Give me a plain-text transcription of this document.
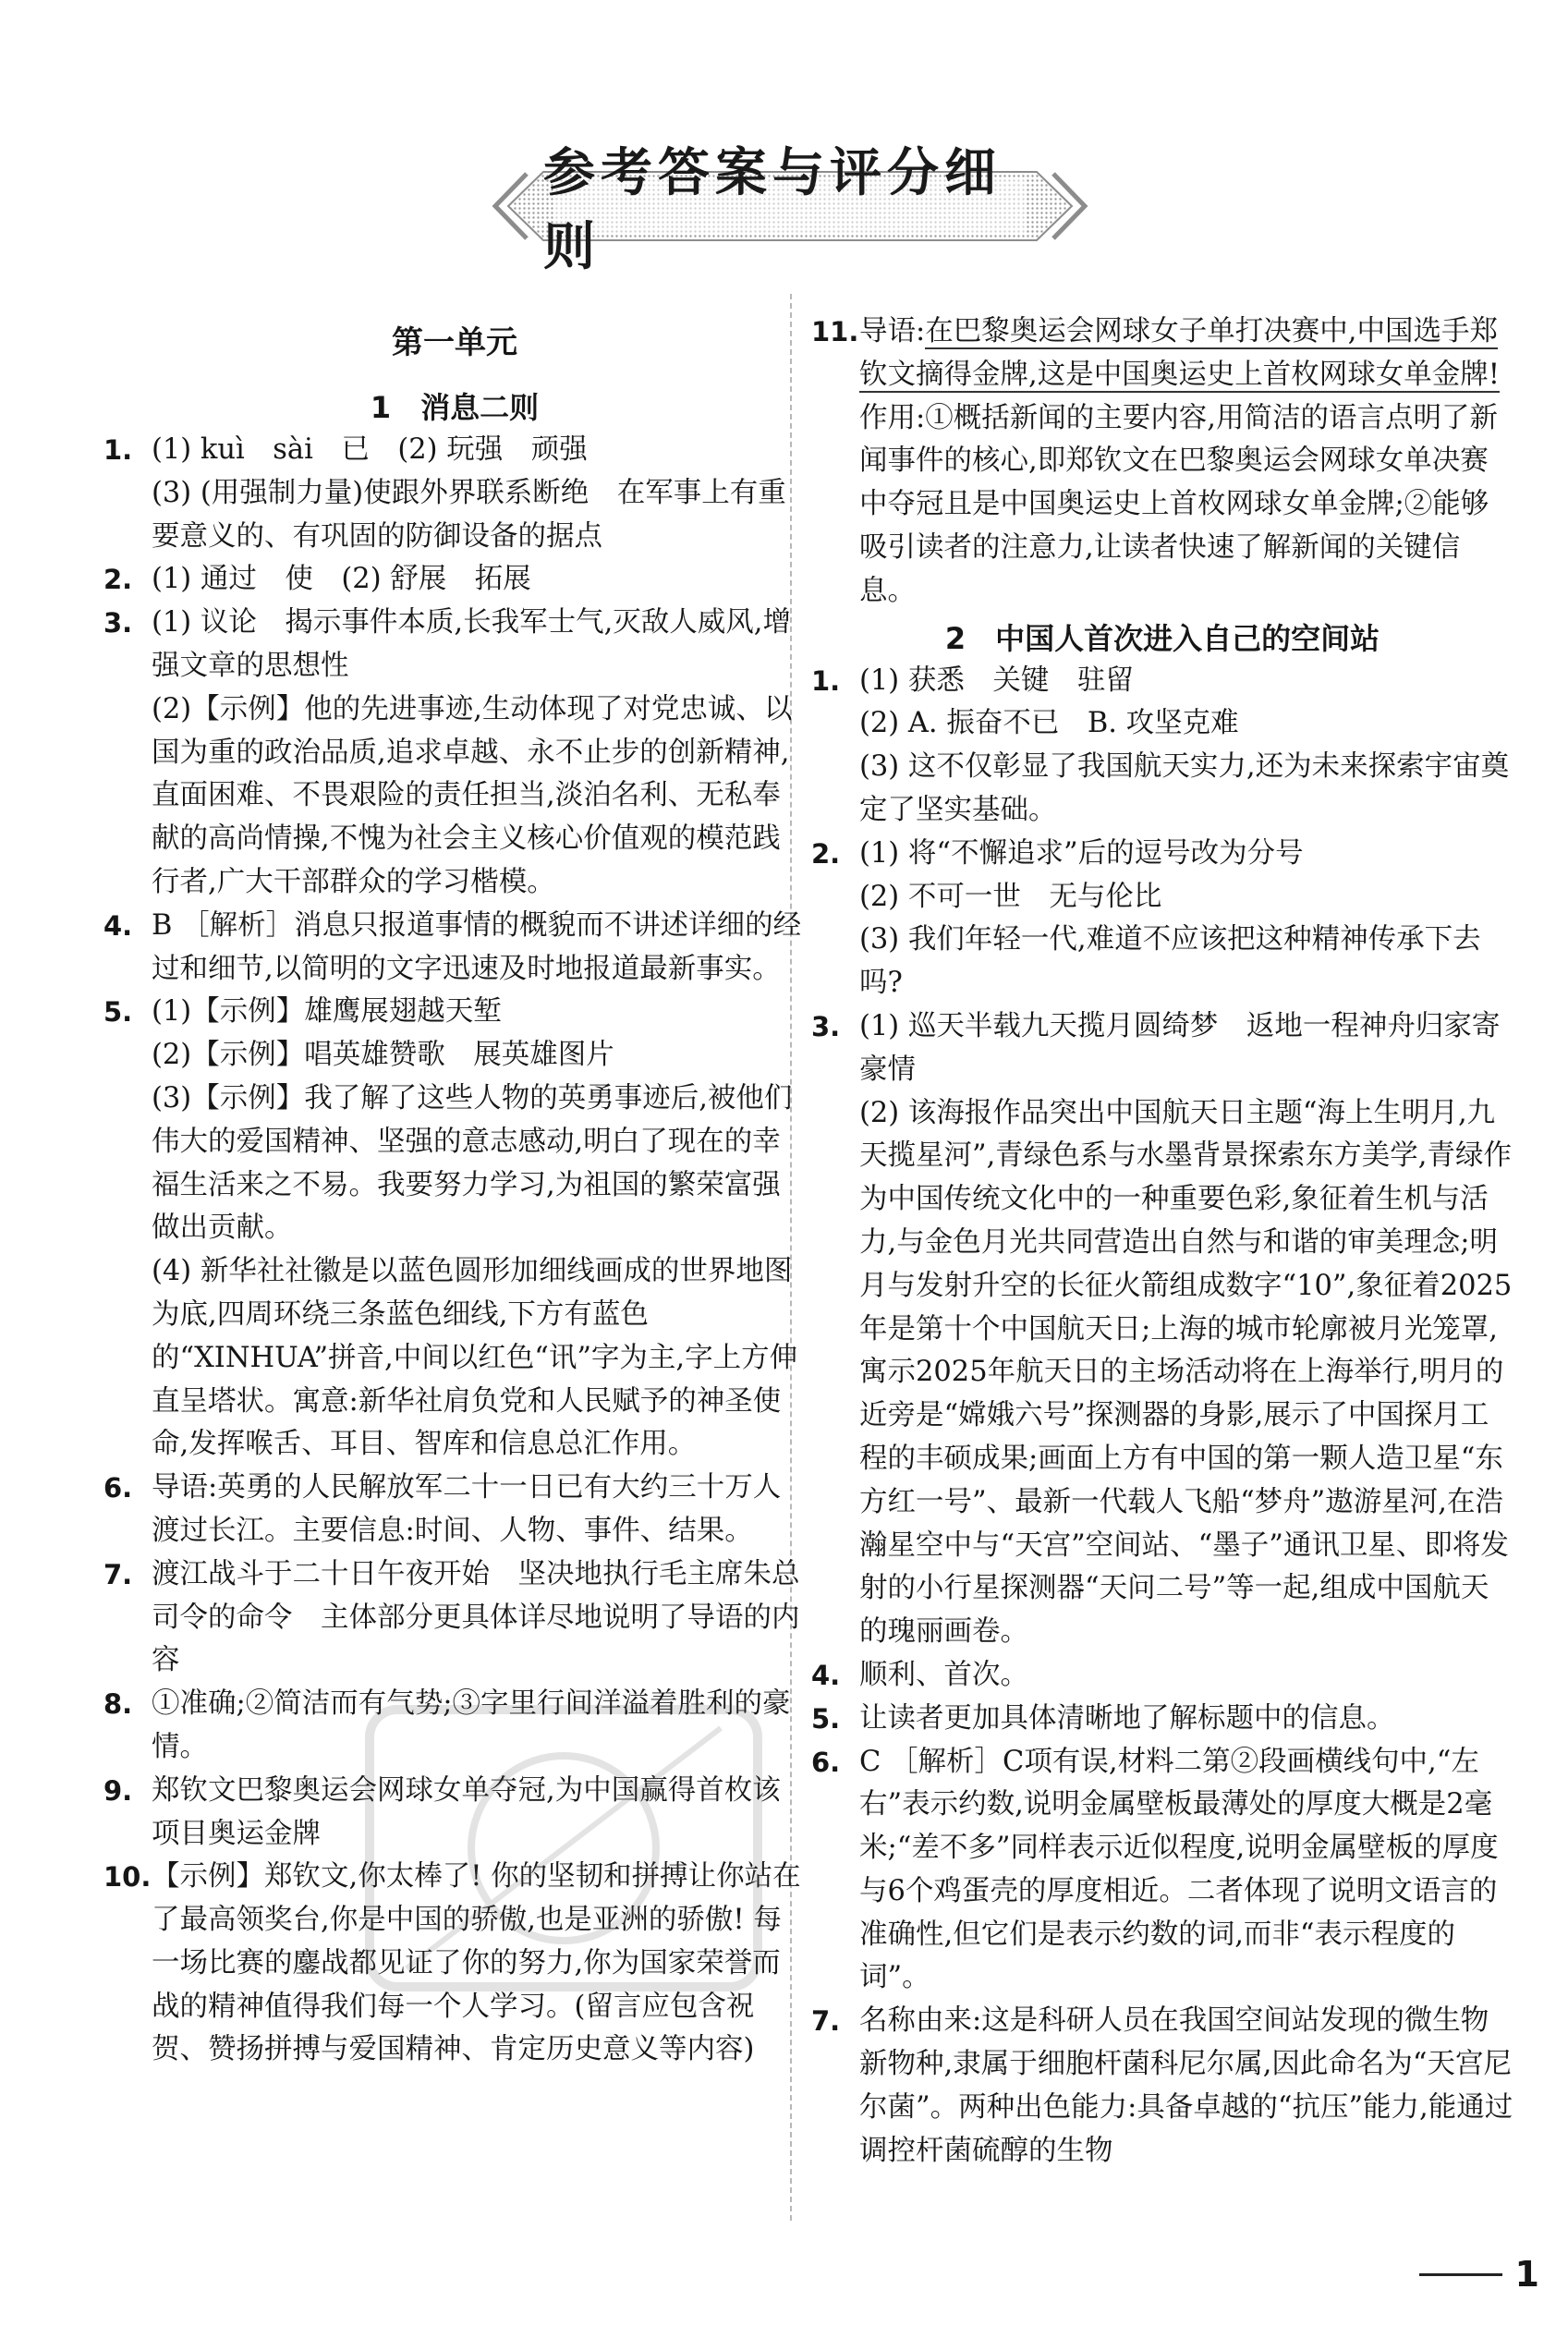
参考答案与评分细则
第一单元
1　消息二则
1. (1) kuì　sài　已　(2) 玩强　顽强

(3) (用强制力量)使跟外界联系断绝　在军事上有重要意义的、有巩固的防御设备的据点

2. (1) 通过　使　(2) 舒展　拓展

3. (1) 议论　揭示事件本质,长我军士气,灭敌人威风,增强文章的思想性

(2)【示例】他的先进事迹,生动体现了对党忠诚、以国为重的政治品质,追求卓越、永不止步的创新精神,直面困难、不畏艰险的责任担当,淡泊名利、无私奉献的高尚情操,不愧为社会主义核心价值观的模范践行者,广大干部群众的学习楷模。

4. B ［解析］消息只报道事情的概貌而不讲述详细的经过和细节,以简明的文字迅速及时地报道最新事实。

5. (1)【示例】雄鹰展翅越天堑

(2)【示例】唱英雄赞歌　展英雄图片

(3)【示例】我了解了这些人物的英勇事迹后,被他们伟大的爱国精神、坚强的意志感动,明白了现在的幸福生活来之不易。我要努力学习,为祖国的繁荣富强做出贡献。

(4) 新华社社徽是以蓝色圆形加细线画成的世界地图为底,四周环绕三条蓝色细线,下方有蓝色的“XINHUA”拼音,中间以红色“讯”字为主,字上方伸直呈塔状。寓意:新华社肩负党和人民赋予的神圣使命,发挥喉舌、耳目、智库和信息总汇作用。

6. 导语:英勇的人民解放军二十一日已有大约三十万人渡过长江。主要信息:时间、人物、事件、结果。

7. 渡江战斗于二十日午夜开始　坚决地执行毛主席朱总司令的命令　主体部分更具体详尽地说明了导语的内容

8. ①准确;②简洁而有气势;③字里行间洋溢着胜利的豪情。

9. 郑钦文巴黎奥运会网球女单夺冠,为中国赢得首枚该项目奥运金牌

10. 【示例】郑钦文,你太棒了! 你的坚韧和拼搏让你站在了最高领奖台,你是中国的骄傲,也是亚洲的骄傲! 每一场比赛的鏖战都见证了你的努力,你为国家荣誉而战的精神值得我们每一个人学习。(留言应包含祝贺、赞扬拼搏与爱国精神、肯定历史意义等内容)

11. 导语:在巴黎奥运会网球女子单打决赛中,中国选手郑钦文摘得金牌,这是中国奥运史上首枚网球女单金牌!　作用:①概括新闻的主要内容,用简洁的语言点明了新闻事件的核心,即郑钦文在巴黎奥运会网球女单决赛中夺冠且是中国奥运史上首枚网球女单金牌;②能够吸引读者的注意力,让读者快速了解新闻的关键信息。

2　中国人首次进入自己的空间站
1. (1) 获悉　关键　驻留

(2) A. 振奋不已　B. 攻坚克难

(3) 这不仅彰显了我国航天实力,还为未来探索宇宙奠定了坚实基础。

2. (1) 将“不懈追求”后的逗号改为分号

(2) 不可一世　无与伦比

(3) 我们年轻一代,难道不应该把这种精神传承下去吗?

3. (1) 巡天半载九天揽月圆绮梦　返地一程神舟归家寄豪情

(2) 该海报作品突出中国航天日主题“海上生明月,九天揽星河”,青绿色系与水墨背景探索东方美学,青绿作为中国传统文化中的一种重要色彩,象征着生机与活力,与金色月光共同营造出自然与和谐的审美理念;明月与发射升空的长征火箭组成数字“10”,象征着2025年是第十个中国航天日;上海的城市轮廓被月光笼罩,寓示2025年航天日的主场活动将在上海举行,明月的近旁是“嫦娥六号”探测器的身影,展示了中国探月工程的丰硕成果;画面上方有中国的第一颗人造卫星“东方红一号”、最新一代载人飞船“梦舟”遨游星河,在浩瀚星空中与“天宫”空间站、“墨子”通讯卫星、即将发射的小行星探测器“天问二号”等一起,组成中国航天的瑰丽画卷。

4. 顺利、首次。

5. 让读者更加具体清晰地了解标题中的信息。

6. C ［解析］C项有误,材料二第②段画横线句中,“左右”表示约数,说明金属壁板最薄处的厚度大概是2毫米;“差不多”同样表示近似程度,说明金属壁板的厚度与6个鸡蛋壳的厚度相近。二者体现了说明文语言的准确性,但它们是表示约数的词,而非“表示程度的词”。

7. 名称由来:这是科研人员在我国空间站发现的微生物新物种,隶属于细胞杆菌科尼尔属,因此命名为“天宫尼尔菌”。两种出色能力:具备卓越的“抗压”能力,能通过调控杆菌硫醇的生物

1
